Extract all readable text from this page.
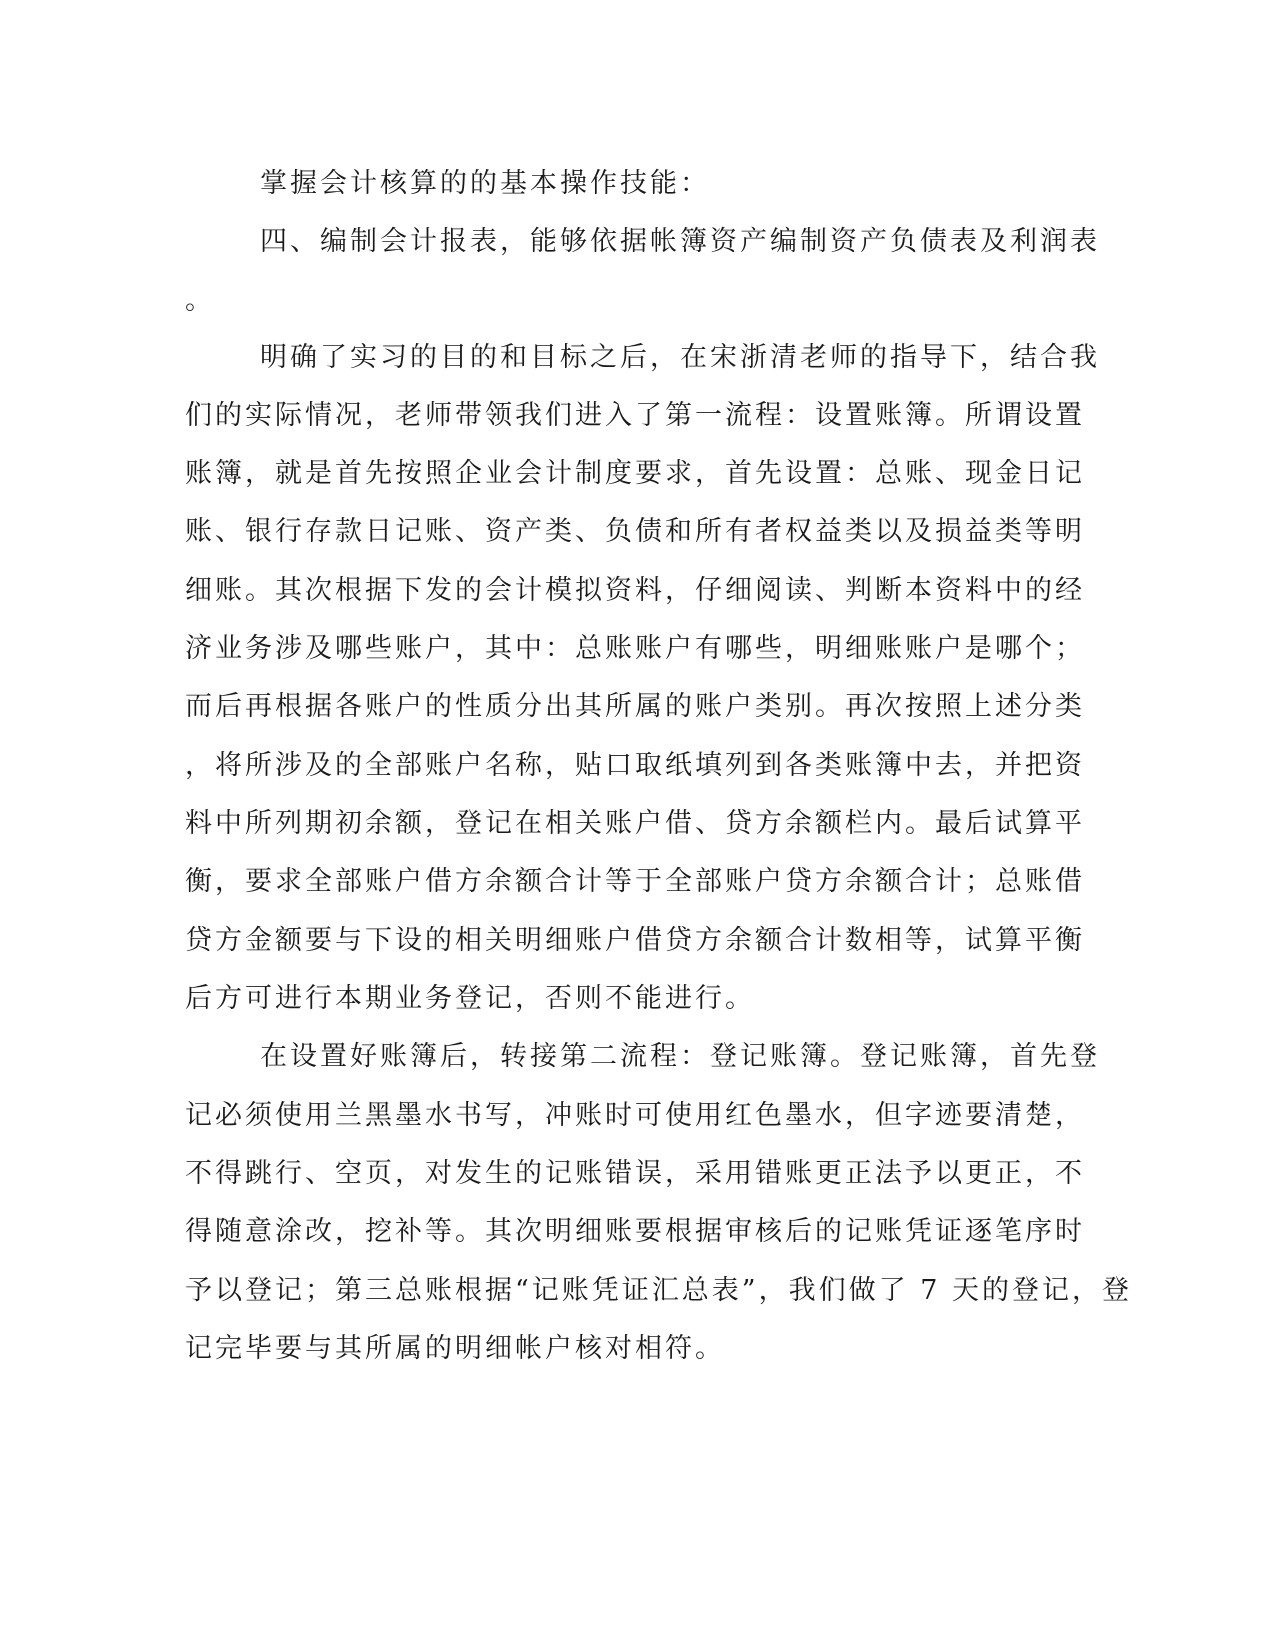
掌握会计核算的的基本操作技能：
四、编制会计报表，能够依据帐簿资产编制资产负债表及利润表
。
明确了实习的目的和目标之后，在宋浙清老师的指导下，结合我
们的实际情况，老师带领我们进入了第一流程：设置账簿。所谓设置
账簿，就是首先按照企业会计制度要求，首先设置：总账、现金日记
账、银行存款日记账、资产类、负债和所有者权益类以及损益类等明
细账。其次根据下发的会计模拟资料，仔细阅读、判断本资料中的经
济业务涉及哪些账户，其中：总账账户有哪些，明细账账户是哪个；
而后再根据各账户的性质分出其所属的账户类别。再次按照上述分类
，将所涉及的全部账户名称，贴口取纸填列到各类账簿中去，并把资
料中所列期初余额，登记在相关账户借、贷方余额栏内。最后试算平
衡，要求全部账户借方余额合计等于全部账户贷方余额合计；总账借
贷方金额要与下设的相关明细账户借贷方余额合计数相等，试算平衡
后方可进行本期业务登记，否则不能进行。
在设置好账簿后，转接第二流程：登记账簿。登记账簿，首先登
记必须使用兰黑墨水书写，冲账时可使用红色墨水，但字迹要清楚，
不得跳行、空页，对发生的记账错误，采用错账更正法予以更正，不
得随意涂改，挖补等。其次明细账要根据审核后的记账凭证逐笔序时
予以登记；第三总账根据“记账凭证汇总表”，我们做了 7 天的登记，登
记完毕要与其所属的明细帐户核对相符。
